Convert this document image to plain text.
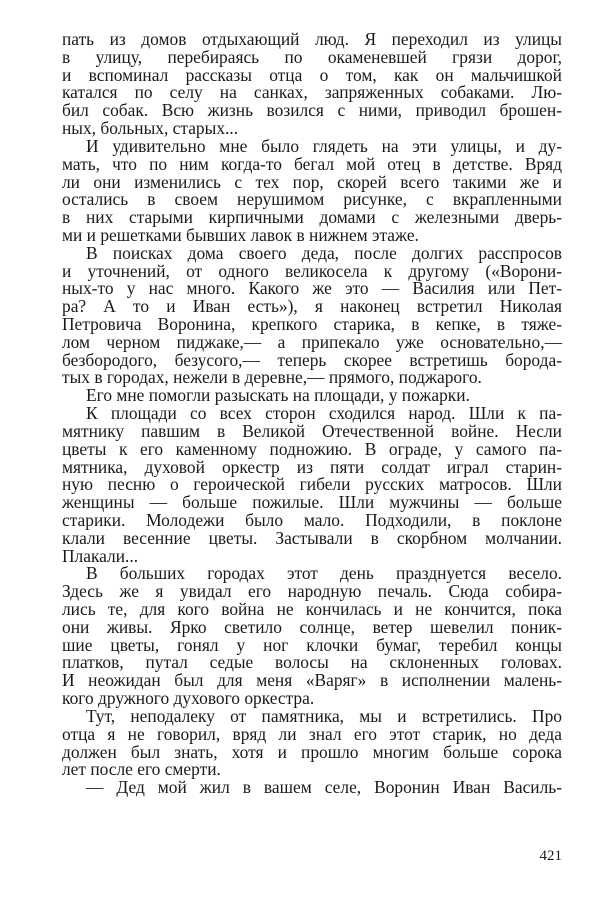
пать из домов отдыхающий люд. Я переходил из улицы
в улицу, перебираясь по окаменевшей грязи дорог,
и вспоминал рассказы отца о том, как он мальчишкой
катался по селу на санках, запряженных собаками. Лю-
бил собак. Всю жизнь возился с ними, приводил брошен-
ных, больных, старых...
И удивительно мне было глядеть на эти улицы, и ду-
мать, что по ним когда-то бегал мой отец в детстве. Вряд
ли они изменились с тех пор, скорей всего такими же и
остались в своем нерушимом рисунке, с вкрапленными
в них старыми кирпичными домами с железными дверь-
ми и решетками бывших лавок в нижнем этаже.
В поисках дома своего деда, после долгих расспросов
и уточнений, от одного великосела к другому («Ворони-
ных-то у нас много. Какого же это — Василия или Пет-
ра? А то и Иван есть»), я наконец встретил Николая
Петровича Воронина, крепкого старика, в кепке, в тяже-
лом черном пиджаке,— а припекало уже основательно,—
безбородого, безусого,— теперь скорее встретишь борода-
тых в городах, нежели в деревне,— прямого, поджарого.
Его мне помогли разыскать на площади, у пожарки.
К площади со всех сторон сходился народ. Шли к па-
мятнику павшим в Великой Отечественной войне. Несли
цветы к его каменному подножию. В ограде, у самого па-
мятника, духовой оркестр из пяти солдат играл старин-
ную песню о героической гибели русских матросов. Шли
женщины — больше пожилые. Шли мужчины — больше
старики. Молодежи было мало. Подходили, в поклоне
клали весенние цветы. Застывали в скорбном молчании.
Плакали...
В больших городах этот день празднуется весело.
Здесь же я увидал его народную печаль. Сюда собира-
лись те, для кого война не кончилась и не кончится, пока
они живы. Ярко светило солнце, ветер шевелил поник-
шие цветы, гонял у ног клочки бумаг, теребил концы
платков, путал седые волосы на склоненных головах.
И неожидан был для меня «Варяг» в исполнении малень-
кого дружного духового оркестра.
Тут, неподалеку от памятника, мы и встретились. Про
отца я не говорил, вряд ли знал его этот старик, но деда
должен был знать, хотя и прошло многим больше сорока
лет после его смерти.
— Дед мой жил в вашем селе, Воронин Иван Василь-
421
